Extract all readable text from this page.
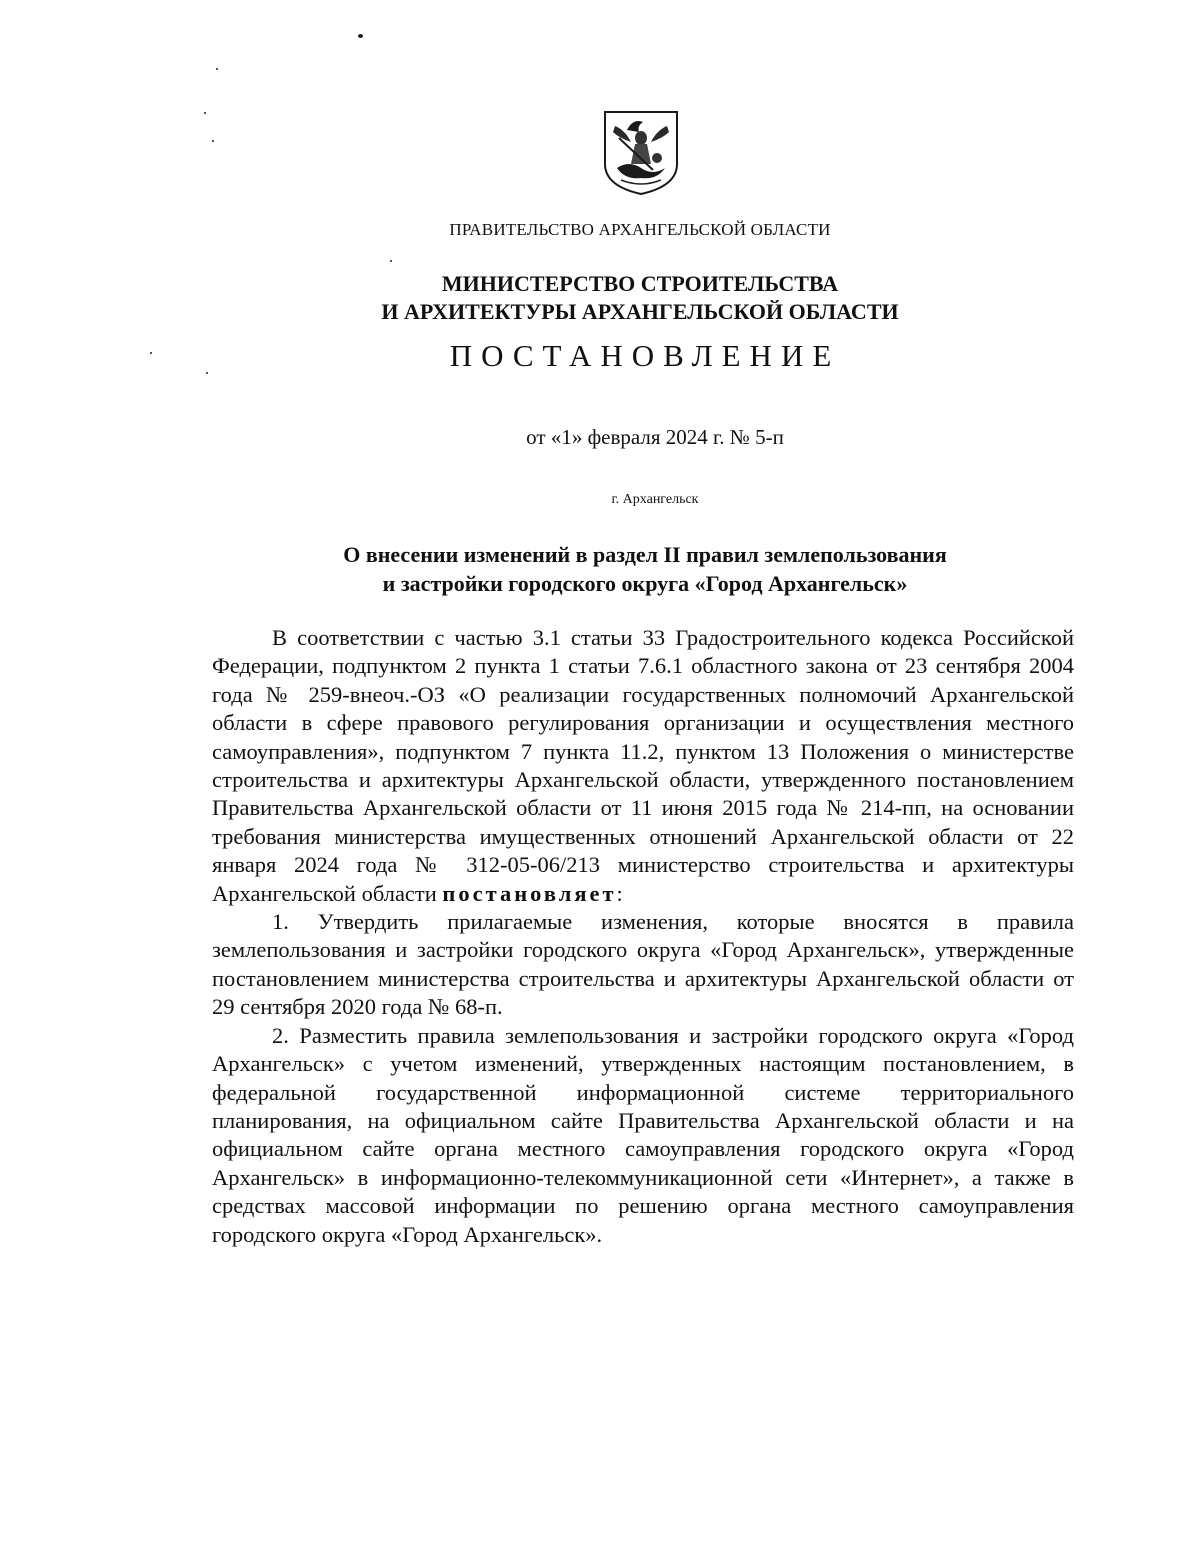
ПРАВИТЕЛЬСТВО АРХАНГЕЛЬСКОЙ ОБЛАСТИ
МИНИСТЕРСТВО СТРОИТЕЛЬСТВА
И АРХИТЕКТУРЫ АРХАНГЕЛЬСКОЙ ОБЛАСТИ
ПОСТАНОВЛЕНИЕ
от «1» февраля 2024 г. № 5-п
г. Архангельск
О внесении изменений в раздел II правил землепользования
и застройки городского округа «Город Архангельск»

В соответствии с частью 3.1 статьи 33 Градостроительного кодекса Российской Федерации, подпунктом 2 пункта 1 статьи 7.6.1 областного закона от 23 сентября 2004 года № 259-внеоч.-ОЗ «О реализации государственных полномочий Архангельской области в сфере правового регулирования организации и осуществления местного самоуправления», подпунктом 7 пункта 11.2, пунктом 13 Положения о министерстве строительства и архитектуры Архангельской области, утвержденного постановлением Правительства Архангельской области от 11 июня 2015 года № 214-пп, на основании требования министерства имущественных отношений Архангельской области от 22 января 2024 года № 312-05-06/213 министерство строительства и архитектуры Архангельской области постановляет:

1. Утвердить прилагаемые изменения, которые вносятся в правила землепользования и застройки городского округа «Город Архангельск», утвержденные постановлением министерства строительства и архитектуры Архангельской области от 29 сентября 2020 года № 68-п.

2. Разместить правила землепользования и застройки городского округа «Город Архангельск» с учетом изменений, утвержденных настоящим постановлением, в федеральной государственной информационной системе территориального планирования, на официальном сайте Правительства Архангельской области и на официальном сайте органа местного самоуправления городского округа «Город Архангельск» в информационно-телекоммуникационной сети «Интернет», а также в средствах массовой информации по решению органа местного самоуправления городского округа «Город Архангельск».
